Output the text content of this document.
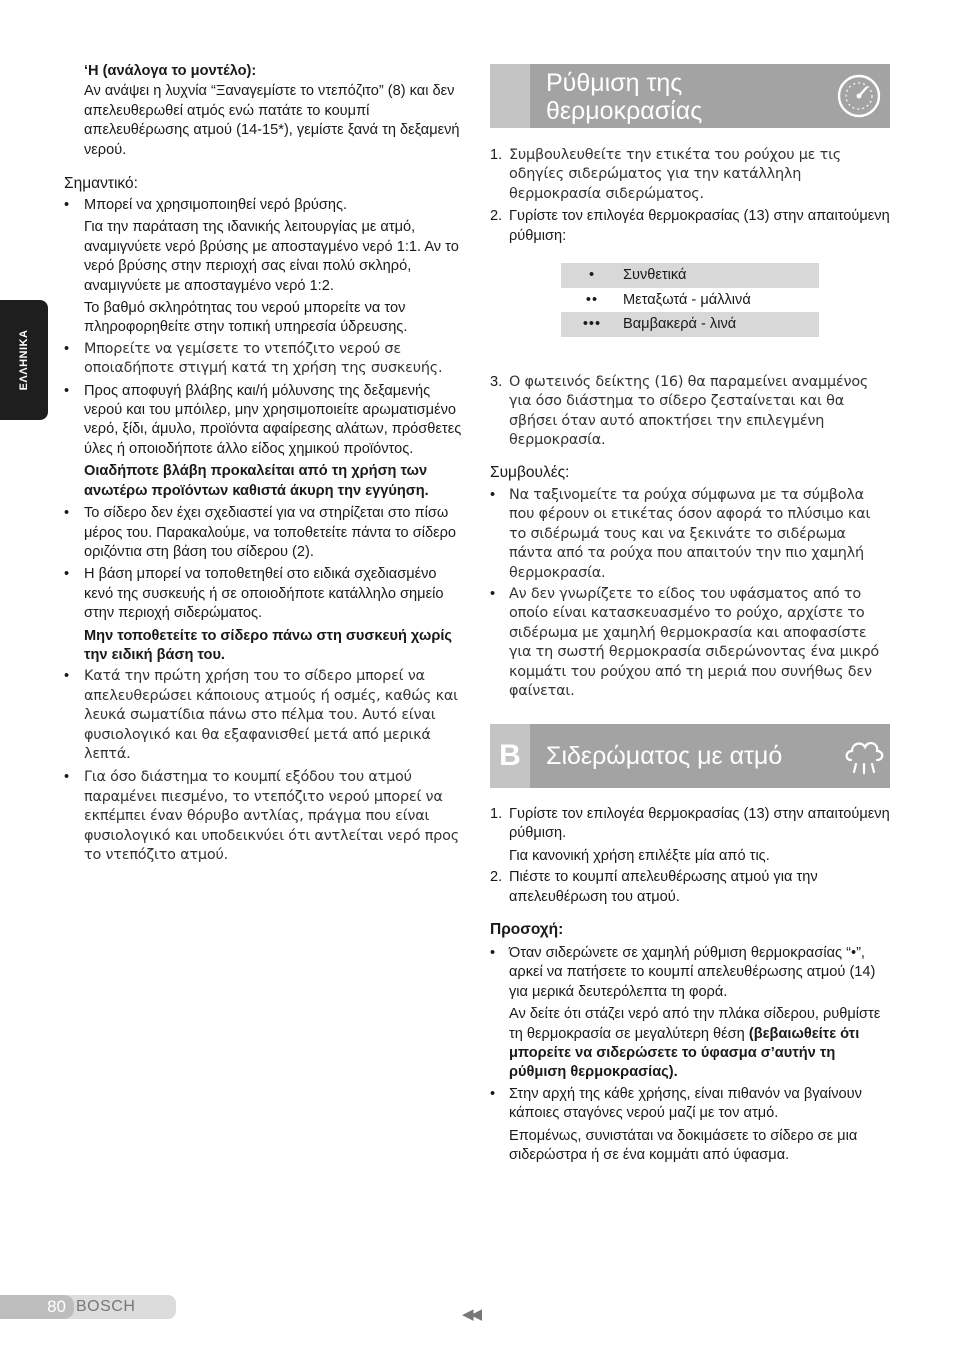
ΕΛΛΗΝΙΚΑ

‘Η (ανάλογα το μοντέλο):

Αν ανάψει η λυχνία “Ξαναγεμίστε το ντεπόζιτο” (8) και δεν απελευθερωθεί ατμός ενώ πατάτε το κουμπί απελευθέρωσης ατμού (14-15*), γεμίστε ξανά τη δεξαμενή νερού.

Σημαντικό:

• Μπορεί να χρησιμοποιηθεί νερό βρύσης.

Για την παράταση της ιδανικής λειτουργίας με ατμό, αναμιγνύετε νερό βρύσης με αποσταγμένο νερό 1:1. Αν το νερό βρύσης στην περιοχή σας είναι πολύ σκληρό, αναμιγνύετε με αποσταγμένο νερό 1:2.

Το βαθμό σκληρότητας του νερού μπορείτε να τον πληροφορηθείτε στην τοπική υπηρεσία ύδρευσης.

• Μπορείτε να γεμίσετε το ντεπόζιτο νερού σε οποιαδήποτε στιγμή κατά τη χρήση της συσκευής.

• Προς αποφυγή βλάβης και/ή μόλυνσης της δεξαμενής νερού και του μπόιλερ, μην χρησιμοποιείτε αρωματισμένο νερό, ξίδι, άμυλο, προϊόντα αφαίρεσης αλάτων, πρόσθετες ύλες ή οποιοδήποτε άλλο είδος χημικού προϊόντος.

Οιαδήποτε βλάβη προκαλείται από τη χρήση των ανωτέρω προϊόντων καθιστά άκυρη την εγγύηση.

• Το σίδερο δεν έχει σχεδιαστεί για να στηρίζεται στο πίσω μέρος του. Παρακαλούμε, να τοποθετείτε πάντα το σίδερο οριζόντια στη βάση του σίδερου (2).

• Η βάση μπορεί να τοποθετηθεί στο ειδικά σχεδιασμένο κενό της συσκευής ή σε οποιοδήποτε κατάλληλο σημείο στην περιοχή σιδερώματος.

Μην τοποθετείτε το σίδερο πάνω στη συσκευή χωρίς την ειδική βάση του.

• Κατά την πρώτη χρήση του το σίδερο μπορεί να απελευθερώσει κάποιους ατμούς ή οσμές, καθώς και λευκά σωματίδια πάνω στο πέλμα του. Αυτό είναι φυσιολογικό και θα εξαφανισθεί μετά από μερικά λεπτά.

• Για όσο διάστημα το κουμπί εξόδου του ατμού παραμένει πιεσμένο, το ντεπόζιτο νερού μπορεί να εκπέμπει έναν θόρυβο αντλίας, πράγμα που είναι φυσιολογικό και υποδεικνύει ότι αντλείται νερό προς το ντεπόζιτο ατμού.

Ρύθμιση της
θερμοκρασίας
1. Συμβουλευθείτε την ετικέτα του ρούχου με τις οδηγίες σιδερώματος για την κατάλληλη θερμοκρασία σιδερώματος.

2. Γυρίστε τον επιλογέα θερμοκρασίας (13) στην απαιτούμενη ρύθμιση:

•	Συνθετικά
••	Μεταξωτά - μάλλινά
•••	Βαμβακερά - λινά
3. Ο φωτεινός δείκτης (16) θα παραμείνει αναμμένος για όσο διάστημα το σίδερο ζεσταίνεται και θα σβήσει όταν αυτό αποκτήσει την επιλεγμένη θερμοκρασία.

Συμβουλές:

• Να ταξινομείτε τα ρούχα σύμφωνα με τα σύμβολα που φέρουν οι ετικέτας όσον αφορά το πλύσιμο και το σιδέρωμά τους και να ξεκινάτε το σιδέρωμα πάντα από τα ρούχα που απαιτούν την πιο χαμηλή θερμοκρασία.

• Αν δεν γνωρίζετε το είδος του υφάσματος από το οποίο είναι κατασκευασμένο το ρούχο, αρχίστε το σιδέρωμα με χαμηλή θερμοκρασία και αποφασίστε για τη σωστή θερμοκρασία σιδερώνοντας ένα μικρό κομμάτι του ρούχου από τη μεριά που συνήθως δεν φαίνεται.

B	Σιδερώματος με ατμό
1. Γυρίστε τον επιλογέα θερμοκρασίας (13) στην απαιτούμενη ρύθμιση.

Για κανονική χρήση επιλέξτε μία από τις.

2. Πιέστε το κουμπί απελευθέρωσης ατμού για την απελευθέρωση του ατμού.

Προσοχή:

• Όταν σιδερώνετε σε χαμηλή ρύθμιση θερμοκρασίας “•”, αρκεί να πατήσετε το κουμπί απελευθέρωσης ατμού (14) για μερικά δευτερόλεπτα τη φορά.

Αν δείτε ότι στάζει νερό από την πλάκα σίδερου, ρυθμίστε τη θερμοκρασία σε μεγαλύτερη θέση (βεβαιωθείτε ότι μπορείτε να σιδερώσετε το ύφασμα σ’αυτήν τη ρύθμιση θερμοκρασίας).

• Στην αρχή της κάθε χρήσης, είναι πιθανόν να βγαίνουν κάποιες σταγόνες νερού μαζί με τον ατμό.

Επομένως, συνιστάται να δοκιμάσετε το σίδερο σε μια σιδερώστρα ή σε ένα κομμάτι από ύφασμα.

80 BOSCH	◀◀
